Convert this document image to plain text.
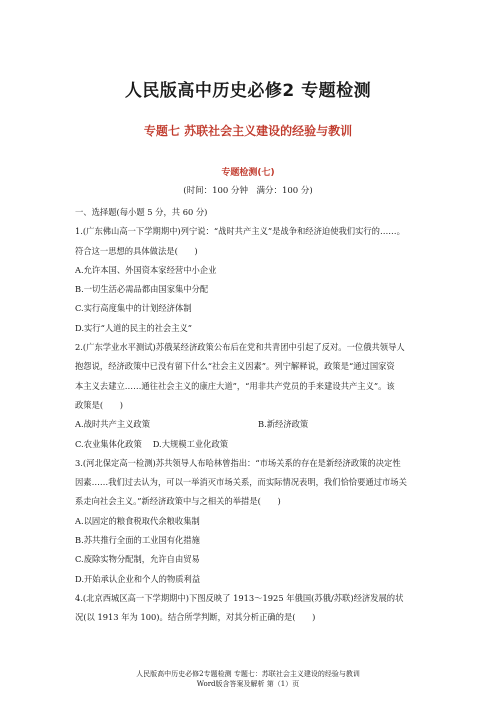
人民版高中历史必修2 专题检测
专题七 苏联社会主义建设的经验与教训
专题检测(七)
(时间：100 分钟　满分：100 分)
一、选择题(每小题 5 分，共 60 分)
1.(广东佛山高一下学期期中)列宁说：“战时共产主义”是战争和经济迫使我们实行的……。
符合这一思想的具体做法是(　　)
A.允许本国、外国资本家经营中小企业
B.一切生活必需品都由国家集中分配
C.实行高度集中的计划经济体制
D.实行“人道的民主的社会主义”
2.(广东学业水平测试)苏俄某经济政策公布后在党和共青团中引起了反对。一位俄共领导人
抱怨说，经济政策中已没有留下什么“社会主义因素”。列宁解释说，政策是“通过国家资
本主义去建立……通往社会主义的康庄大道”，“用非共产党员的手来建设共产主义”。该
政策是(　　)
A.战时共产主义政策	B.新经济政策
C.农业集体化政策　 D.大规模工业化政策
3.(河北保定高一检测)苏共领导人布哈林曾指出：“市场关系的存在是新经济政策的决定性
因素……我们过去认为，可以一举消灭市场关系，而实际情况表明，我们恰恰要通过市场关
系走向社会主义。”新经济政策中与之相关的举措是(　　)
A.以固定的粮食税取代余粮收集制
B.苏共推行全面的工业国有化措施
C.废除实物分配制，允许自由贸易
D.开始承认企业和个人的物质利益
4.(北京西城区高一下学期期中)下图反映了 1913～1925 年俄国(苏俄/苏联)经济发展的状
况(以 1913 年为 100)。结合所学判断，对其分析正确的是(　　)
人民版高中历史必修2专题检测 专题七：苏联社会主义建设的经验与教训
Word版含答案及解析 第（1）页
